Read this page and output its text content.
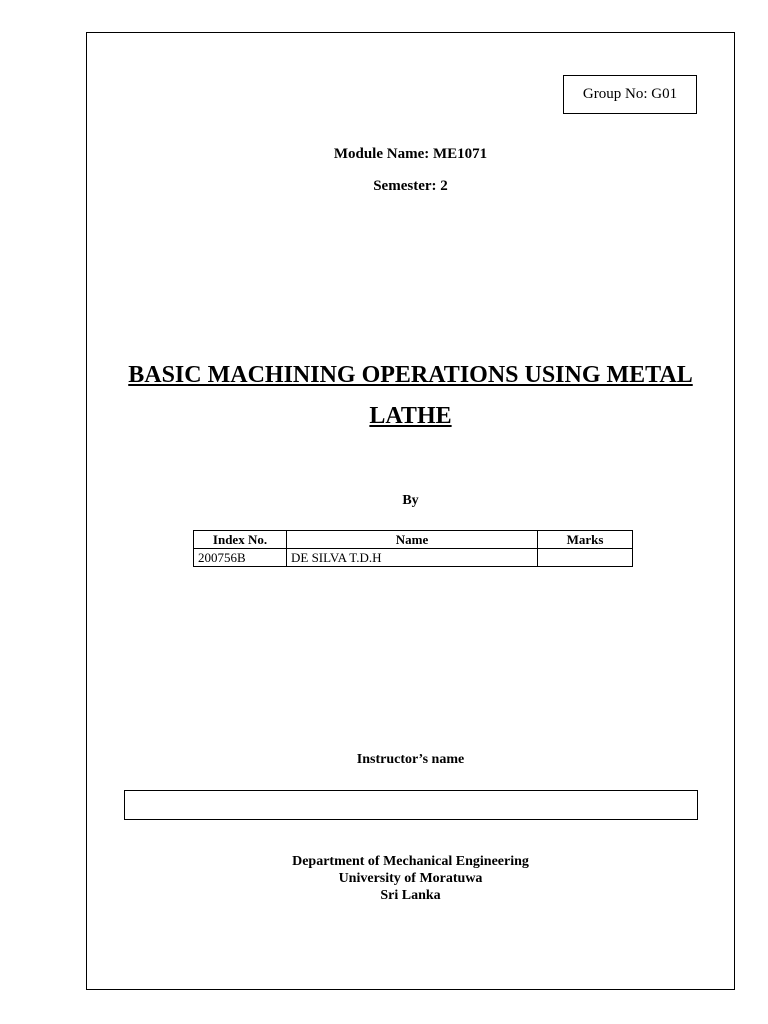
Group No: G01
Module Name: ME1071
Semester: 2
BASIC MACHINING OPERATIONS USING METAL
LATHE
By
Index No.	Name	Marks
200756B	DE SILVA T.D.H	
Instructor’s name
Department of Mechanical Engineering
University of Moratuwa
Sri Lanka
